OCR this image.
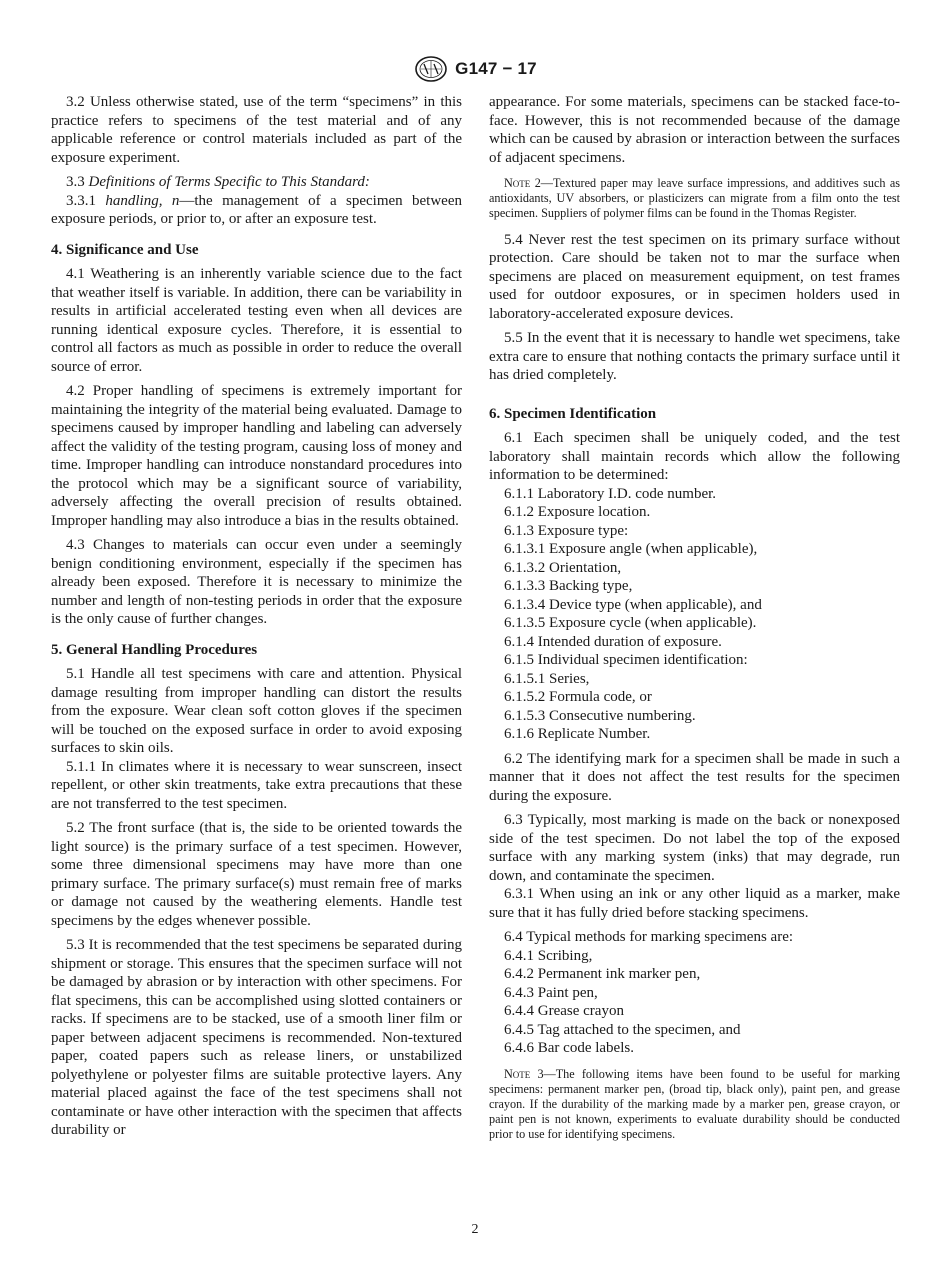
G147 − 17

3.2 Unless otherwise stated, use of the term “specimens” in this practice refers to specimens of the test material and of any applicable reference or control materials included as part of the exposure experiment.

3.3 Definitions of Terms Specific to This Standard:

3.3.1 handling, n—the management of a specimen between exposure periods, or prior to, or after an exposure test.

4. Significance and Use

4.1 Weathering is an inherently variable science due to the fact that weather itself is variable. In addition, there can be variability in results in artificial accelerated testing even when all devices are running identical exposure cycles. Therefore, it is essential to control all factors as much as possible in order to reduce the overall source of error.

4.2 Proper handling of specimens is extremely important for maintaining the integrity of the material being evaluated. Damage to specimens caused by improper handling and labeling can adversely affect the validity of the testing program, causing loss of money and time. Improper handling can introduce nonstandard procedures into the protocol which may be a significant source of variability, adversely affecting the overall precision of results obtained. Improper handling may also introduce a bias in the results obtained.

4.3 Changes to materials can occur even under a seemingly benign conditioning environment, especially if the specimen has already been exposed. Therefore it is necessary to minimize the number and length of non-testing periods in order that the exposure is the only cause of further changes.

5. General Handling Procedures

5.1 Handle all test specimens with care and attention. Physical damage resulting from improper handling can distort the results from the exposure. Wear clean soft cotton gloves if the specimen will be touched on the exposed surface in order to avoid exposing surfaces to skin oils.

5.1.1 In climates where it is necessary to wear sunscreen, insect repellent, or other skin treatments, take extra precautions that these are not transferred to the test specimen.

5.2 The front surface (that is, the side to be oriented towards the light source) is the primary surface of a test specimen. However, some three dimensional specimens may have more than one primary surface. The primary surface(s) must remain free of marks or damage not caused by the weathering elements. Handle test specimens by the edges whenever possible.

5.3 It is recommended that the test specimens be separated during shipment or storage. This ensures that the specimen surface will not be damaged by abrasion or by interaction with other specimens. For flat specimens, this can be accomplished using slotted containers or racks. If specimens are to be stacked, use of a smooth liner film or paper between adjacent specimens is recommended. Non-textured paper, coated papers such as release liners, or unstabilized polyethylene or polyester films are suitable protective layers. Any material placed against the face of the test specimens shall not contaminate or have other interaction with the specimen that affects durability or

appearance. For some materials, specimens can be stacked face-to-face. However, this is not recommended because of the damage which can be caused by abrasion or interaction between the surfaces of adjacent specimens.

Note 2—Textured paper may leave surface impressions, and additives such as antioxidants, UV absorbers, or plasticizers can migrate from a film onto the test specimen. Suppliers of polymer films can be found in the Thomas Register.

5.4 Never rest the test specimen on its primary surface without protection. Care should be taken not to mar the surface when specimens are placed on measurement equipment, on test frames used for outdoor exposures, or in specimen holders used in laboratory-accelerated exposure devices.

5.5 In the event that it is necessary to handle wet specimens, take extra care to ensure that nothing contacts the primary surface until it has dried completely.

6. Specimen Identification

6.1 Each specimen shall be uniquely coded, and the test laboratory shall maintain records which allow the following information to be determined:

6.1.1 Laboratory I.D. code number.

6.1.2 Exposure location.

6.1.3 Exposure type:

6.1.3.1 Exposure angle (when applicable),

6.1.3.2 Orientation,

6.1.3.3 Backing type,

6.1.3.4 Device type (when applicable), and

6.1.3.5 Exposure cycle (when applicable).

6.1.4 Intended duration of exposure.

6.1.5 Individual specimen identification:

6.1.5.1 Series,

6.1.5.2 Formula code, or

6.1.5.3 Consecutive numbering.

6.1.6 Replicate Number.

6.2 The identifying mark for a specimen shall be made in such a manner that it does not affect the test results for the specimen during the exposure.

6.3 Typically, most marking is made on the back or nonexposed side of the test specimen. Do not label the top of the exposed surface with any marking system (inks) that may degrade, run down, and contaminate the specimen.

6.3.1 When using an ink or any other liquid as a marker, make sure that it has fully dried before stacking specimens.

6.4 Typical methods for marking specimens are:

6.4.1 Scribing,

6.4.2 Permanent ink marker pen,

6.4.3 Paint pen,

6.4.4 Grease crayon

6.4.5 Tag attached to the specimen, and

6.4.6 Bar code labels.

Note 3—The following items have been found to be useful for marking specimens: permanent marker pen, (broad tip, black only), paint pen, and grease crayon. If the durability of the marking made by a marker pen, grease crayon, or paint pen is not known, experiments to evaluate durability should be conducted prior to use for identifying specimens.

2
